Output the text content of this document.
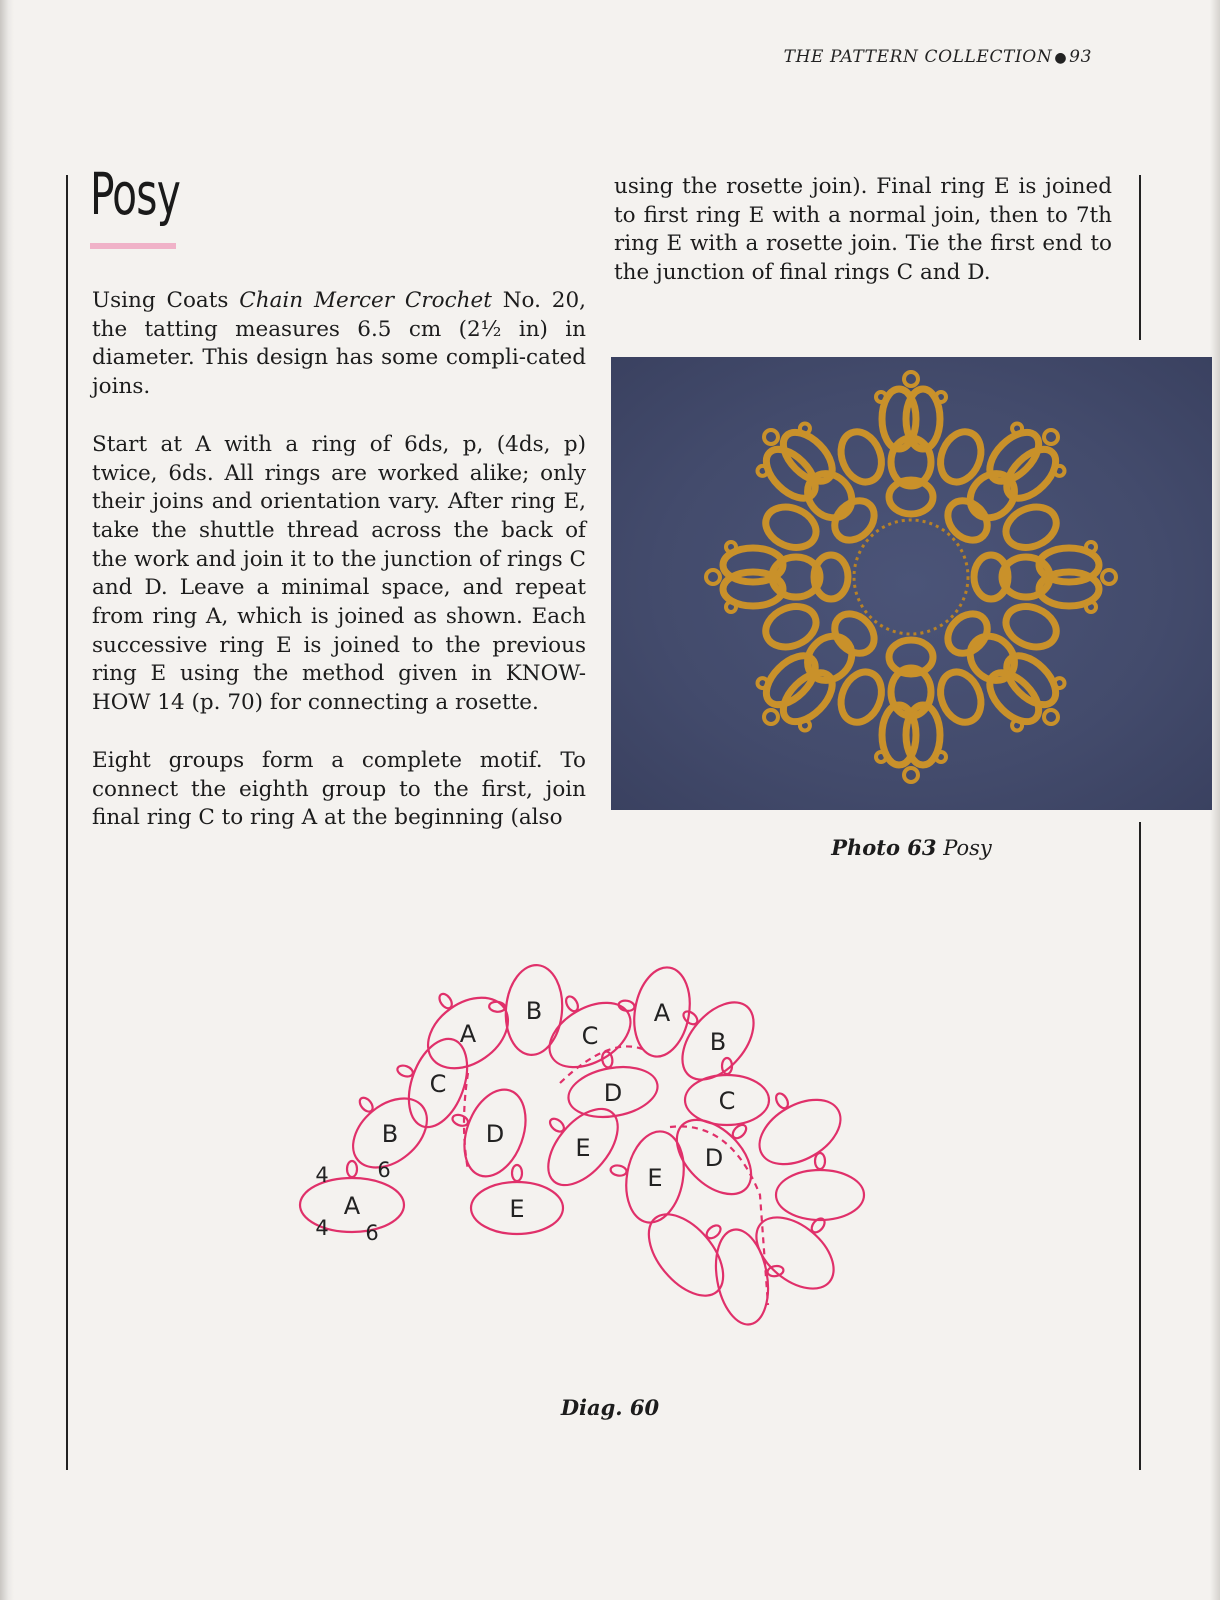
THE PATTERN COLLECTION ● 93
Posy

Using Coats Chain Mercer Crochet No. 20, the tatting measures 6.5 cm (2½ in) in diameter. This design has some compli-cated joins.

Start at A with a ring of 6ds, p, (4ds, p) twice, 6ds. All rings are worked alike; only their joins and orientation vary. After ring E, take the shuttle thread across the back of the work and join it to the junction of rings C and D. Leave a minimal space, and repeat from ring A, which is joined as shown. Each successive ring E is joined to the previous ring E using the method given in KNOW-HOW 14 (p. 70) for connecting a rosette.

Eight groups form a complete motif. To connect the eighth group to the first, join final ring C to ring A at the beginning (also

using the rosette join). Final ring E is joined to first ring E with a normal join, then to 7th ring E with a rosette join. Tie the first end to the junction of final rings C and D.

Photo 63 Posy
A
B
C
D
E
A
B
C
D
E
A
B
C
D
E
4 6
4 6
Diag. 60
